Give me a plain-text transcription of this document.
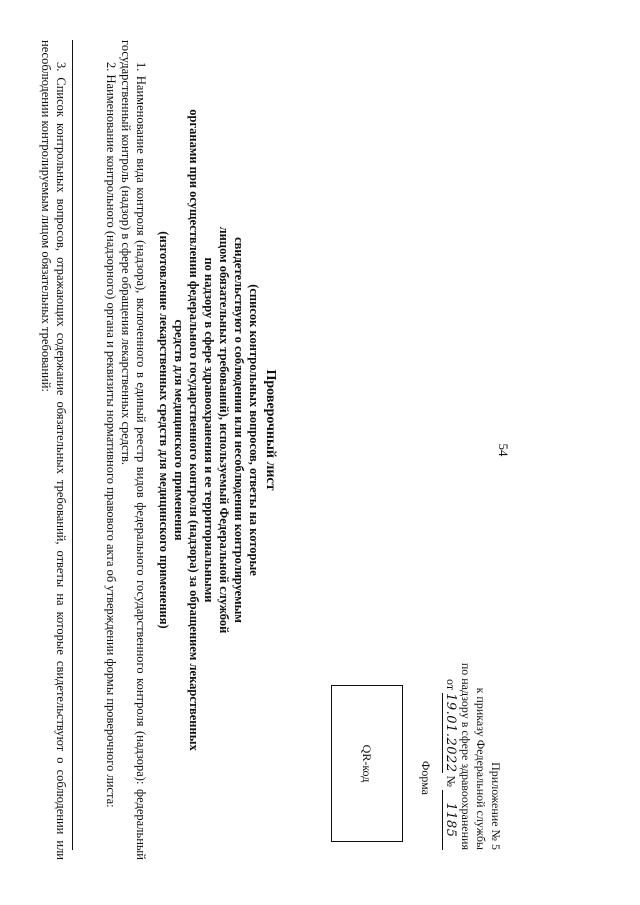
54
Приложение № 5
к приказу Федеральной службы
по надзору в сфере здравоохранения
от 19.01.2022 № 1185
Форма
QR-код
Проверочный лист
(список контрольных вопросов, ответы на которые
свидетельствуют о соблюдении или несоблюдении контролируемым
лицом обязательных требований), используемый Федеральной службой
по надзору в сфере здравоохранения и ее территориальными
органами при осуществлении федерального государственного контроля (надзора) за обращением лекарственных
средств для медицинского применения
(изготовление лекарственных средств для медицинского применения)

1. Наименование вида контроля (надзора), включенного в единый реестр видов федерального государственного контроля (надзора): федеральный государственный контроль (надзор) в сфере обращения лекарственных средств.

2. Наименование контрольного (надзорного) органа и реквизиты нормативного правового акта об утверждении формы проверочного листа:

3. Список контрольных вопросов, отражающих содержание обязательных требований, ответы на которые свидетельствуют о соблюдении или несоблюдении контролируемым лицом обязательных требований:
